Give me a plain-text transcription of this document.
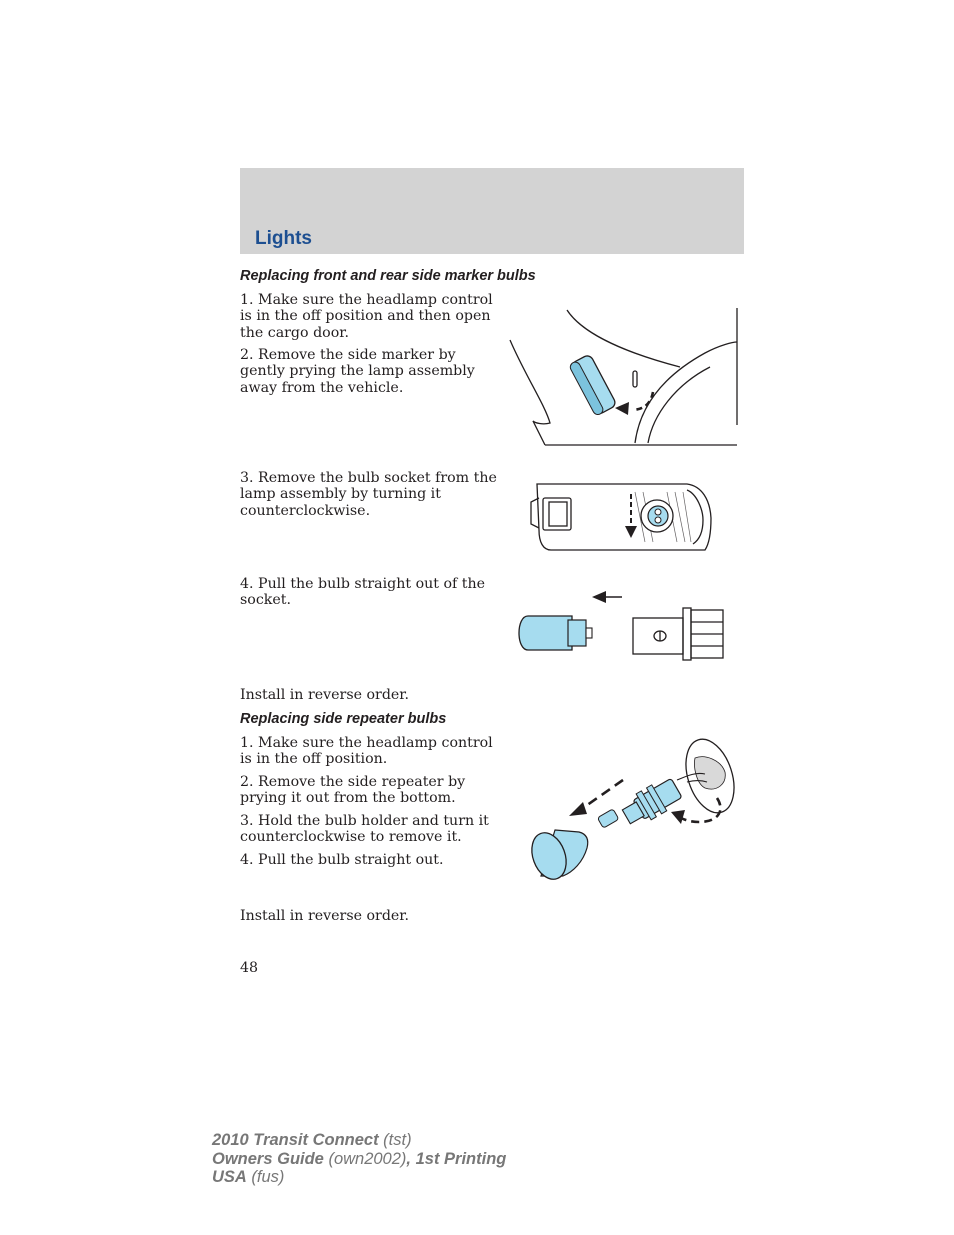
Lights
Replacing front and rear side marker bulbs

1. Make sure the headlamp control is in the off position and then open the cargo door.

2. Remove the side marker by gently prying the lamp assembly away from the vehicle.

3. Remove the bulb socket from the lamp assembly by turning it counterclockwise.

4. Pull the bulb straight out of the socket.

Install in reverse order.

Replacing side repeater bulbs

1. Make sure the headlamp control is in the off position.

2. Remove the side repeater by prying it out from the bottom.

3. Hold the bulb holder and turn it counterclockwise to remove it.

4. Pull the bulb straight out.

Install in reverse order.

48
2010 Transit Connect (tst)
Owners Guide (own2002), 1st Printing
USA (fus)
